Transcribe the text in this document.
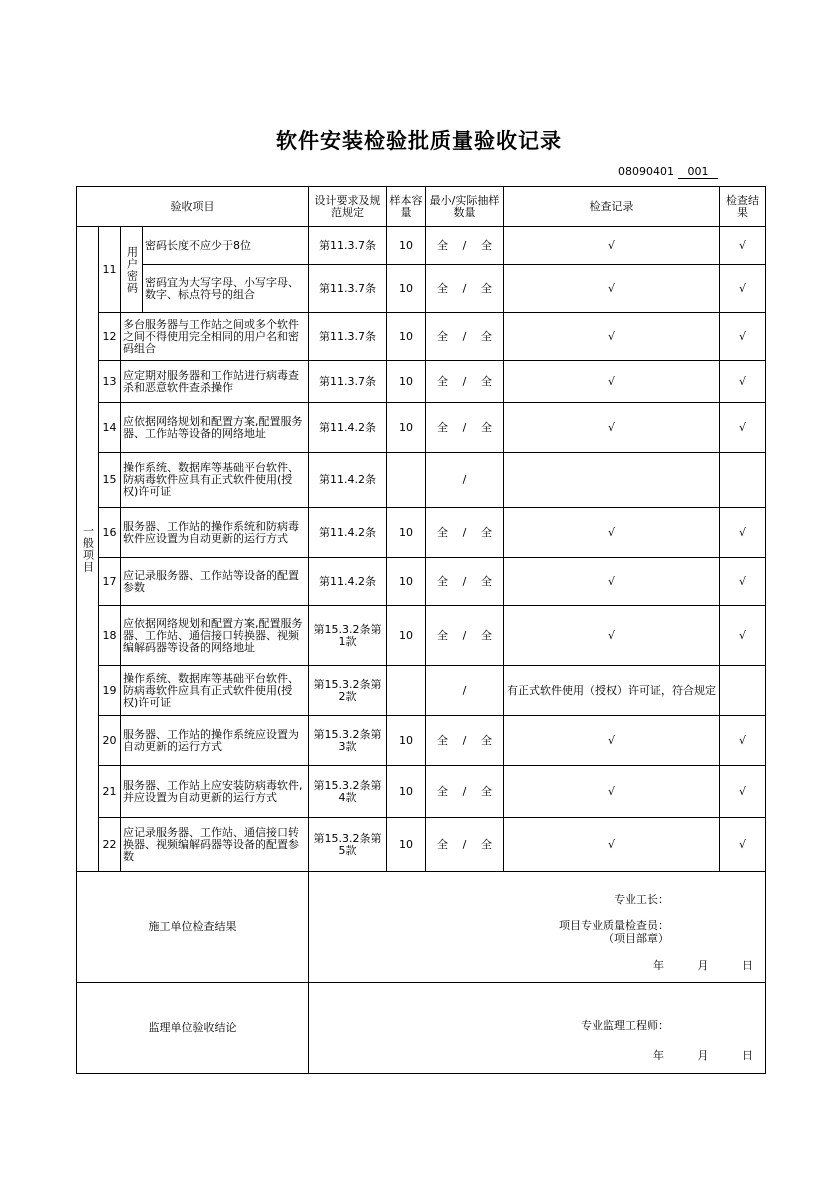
软件安装检验批质量验收记录
08090401 001
验收项目				设计要求及规范规定	样本容量	最小/实际抽样数量	检查记录	检查结果
一般项目	11	用户密码	密码长度不应少于8位	第11.3.7条	10	全 / 全	√	√
			密码宜为大写字母、小写字母、数字、标点符号的组合	第11.3.7条	10	全 / 全	√	√
	12	多台服务器与工作站之间或多个软件之间不得使用完全相同的用户名和密码组合		第11.3.7条	10	全 / 全	√	√
	13	应定期对服务器和工作站进行病毒查杀和恶意软件查杀操作		第11.3.7条	10	全 / 全	√	√
	14	应依据网络规划和配置方案,配置服务器、工作站等设备的网络地址		第11.4.2条	10	全 / 全	√	√
	15	操作系统、数据库等基础平台软件、防病毒软件应具有正式软件使用(授权)许可证		第11.4.2条		/		
	16	服务器、工作站的操作系统和防病毒软件应设置为自动更新的运行方式		第11.4.2条	10	全 / 全	√	√
	17	应记录服务器、工作站等设备的配置参数		第11.4.2条	10	全 / 全	√	√
	18	应依据网络规划和配置方案,配置服务器、工作站、通信接口转换器、视频编解码器等设备的网络地址		第15.3.2条第1款	10	全 / 全	√	√
	19	操作系统、数据库等基础平台软件、防病毒软件应具有正式软件使用(授权)许可证		第15.3.2条第2款		/	有正式软件使用（授权）许可证，符合规定	
	20	服务器、工作站的操作系统应设置为自动更新的运行方式		第15.3.2条第3款	10	全 / 全	√	√
	21	服务器、工作站上应安装防病毒软件,并应设置为自动更新的运行方式		第15.3.2条第4款	10	全 / 全	√	√
	22	应记录服务器、工作站、通信接口转换器、视频编解码器等设备的配置参数		第15.3.2条第5款	10	全 / 全	√	√
施工单位检查结果				专业工长：
项目专业质量检查员：
（项目部章）
年 月 日				

监理单位验收结论				专业监理工程师：
年 月 日				
